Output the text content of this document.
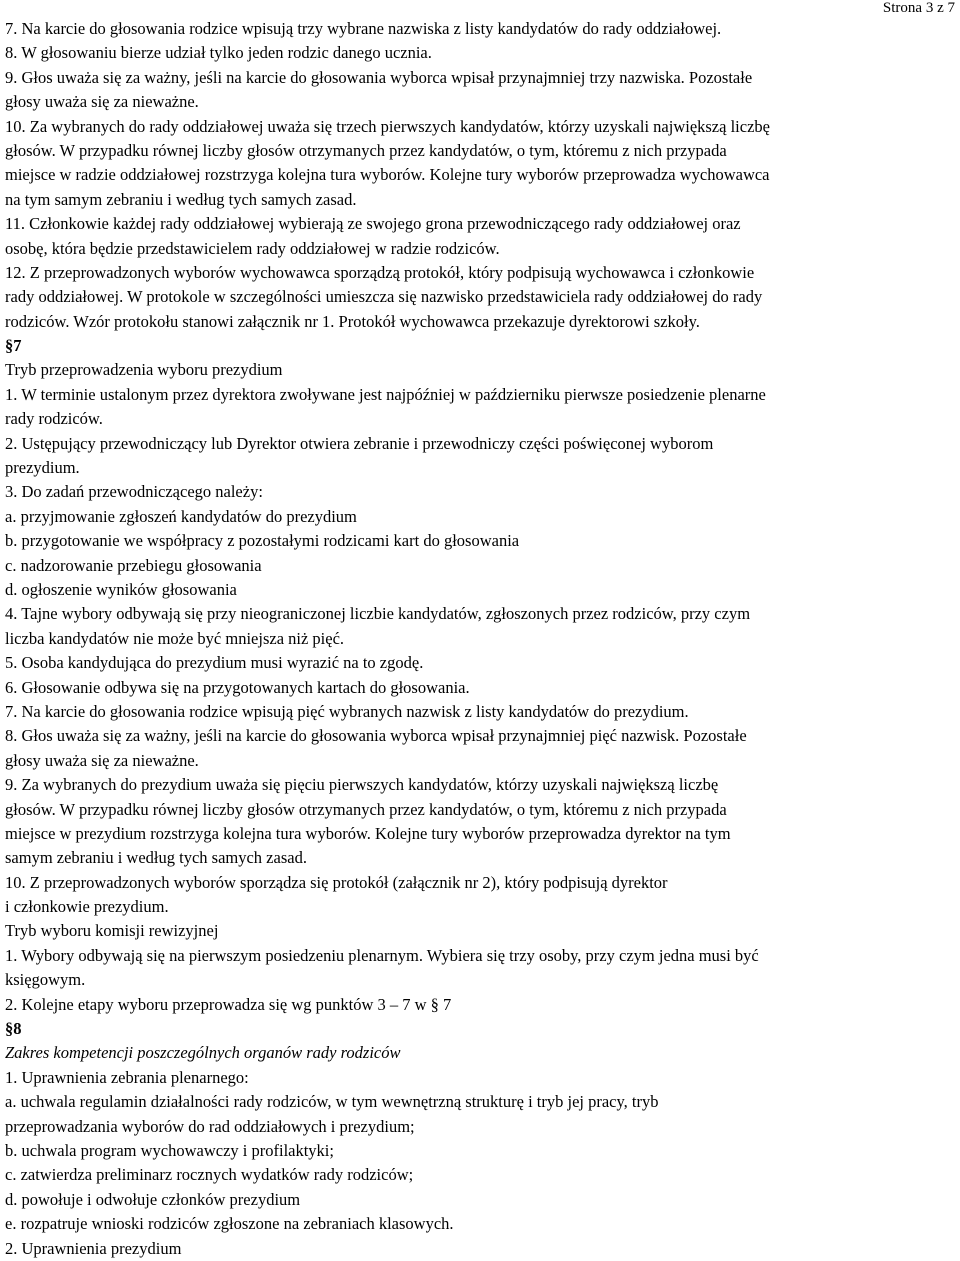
Strona 3 z 7
7. Na karcie do głosowania rodzice wpisują trzy wybrane nazwiska z listy kandydatów do rady oddziałowej.
8. W głosowaniu bierze udział tylko jeden rodzic danego ucznia.
9. Głos uważa się za ważny, jeśli na karcie do głosowania wyborca wpisał przynajmniej trzy nazwiska. Pozostałe
głosy uważa się za nieważne.
10. Za wybranych do rady oddziałowej uważa się trzech pierwszych kandydatów, którzy uzyskali największą liczbę
głosów. W przypadku równej liczby głosów otrzymanych przez kandydatów, o tym, któremu z nich przypada
miejsce w radzie oddziałowej rozstrzyga kolejna tura wyborów. Kolejne tury wyborów przeprowadza wychowawca
na tym samym zebraniu i według tych samych zasad.
11. Członkowie każdej rady oddziałowej wybierają ze swojego grona przewodniczącego rady oddziałowej oraz
osobę, która będzie przedstawicielem rady oddziałowej w radzie rodziców.
12. Z przeprowadzonych wyborów wychowawca sporządzą protokół, który podpisują wychowawca i członkowie
rady oddziałowej. W protokole w szczególności umieszcza się nazwisko przedstawiciela rady oddziałowej do rady
rodziców. Wzór protokołu stanowi załącznik nr 1. Protokół wychowawca przekazuje dyrektorowi szkoły.
§7
Tryb przeprowadzenia wyboru prezydium
1. W terminie ustalonym przez dyrektora zwoływane jest najpóźniej w październiku pierwsze posiedzenie plenarne
rady rodziców.
2. Ustępujący przewodniczący lub Dyrektor otwiera zebranie i przewodniczy części poświęconej wyborom
prezydium.
3. Do zadań przewodniczącego należy:
a. przyjmowanie zgłoszeń kandydatów do prezydium
b. przygotowanie we współpracy z pozostałymi rodzicami kart do głosowania
c. nadzorowanie przebiegu głosowania
d. ogłoszenie wyników głosowania
4. Tajne wybory odbywają się przy nieograniczonej liczbie kandydatów, zgłoszonych przez rodziców, przy czym
liczba kandydatów nie może być mniejsza niż pięć.
5. Osoba kandydująca do prezydium musi wyrazić na to zgodę.
6. Głosowanie odbywa się na przygotowanych kartach do głosowania.
7. Na karcie do głosowania rodzice wpisują pięć wybranych nazwisk z listy kandydatów do prezydium.
8. Głos uważa się za ważny, jeśli na karcie do głosowania wyborca wpisał przynajmniej pięć nazwisk. Pozostałe
głosy uważa się za nieważne.
9. Za wybranych do prezydium uważa się pięciu pierwszych kandydatów, którzy uzyskali największą liczbę
głosów. W przypadku równej liczby głosów otrzymanych przez kandydatów, o tym, któremu z nich przypada
miejsce w prezydium rozstrzyga kolejna tura wyborów. Kolejne tury wyborów przeprowadza dyrektor na tym
samym zebraniu i według tych samych zasad.
10. Z przeprowadzonych wyborów sporządza się protokół (załącznik nr 2), który podpisują dyrektor
i członkowie prezydium.
Tryb wyboru komisji rewizyjnej
1. Wybory odbywają się na pierwszym posiedzeniu plenarnym. Wybiera się trzy osoby, przy czym jedna musi być
księgowym.
2. Kolejne etapy wyboru przeprowadza się wg punktów 3 – 7 w § 7
§8
Zakres kompetencji poszczególnych organów rady rodziców
1. Uprawnienia zebrania plenarnego:
a. uchwala regulamin działalności rady rodziców, w tym wewnętrzną strukturę i tryb jej pracy, tryb
przeprowadzania wyborów do rad oddziałowych i prezydium;
b. uchwala program wychowawczy i profilaktyki;
c. zatwierdza preliminarz rocznych wydatków rady rodziców;
d. powołuje i odwołuje członków prezydium
e. rozpatruje wnioski rodziców zgłoszone na zebraniach klasowych.
2. Uprawnienia prezydium
